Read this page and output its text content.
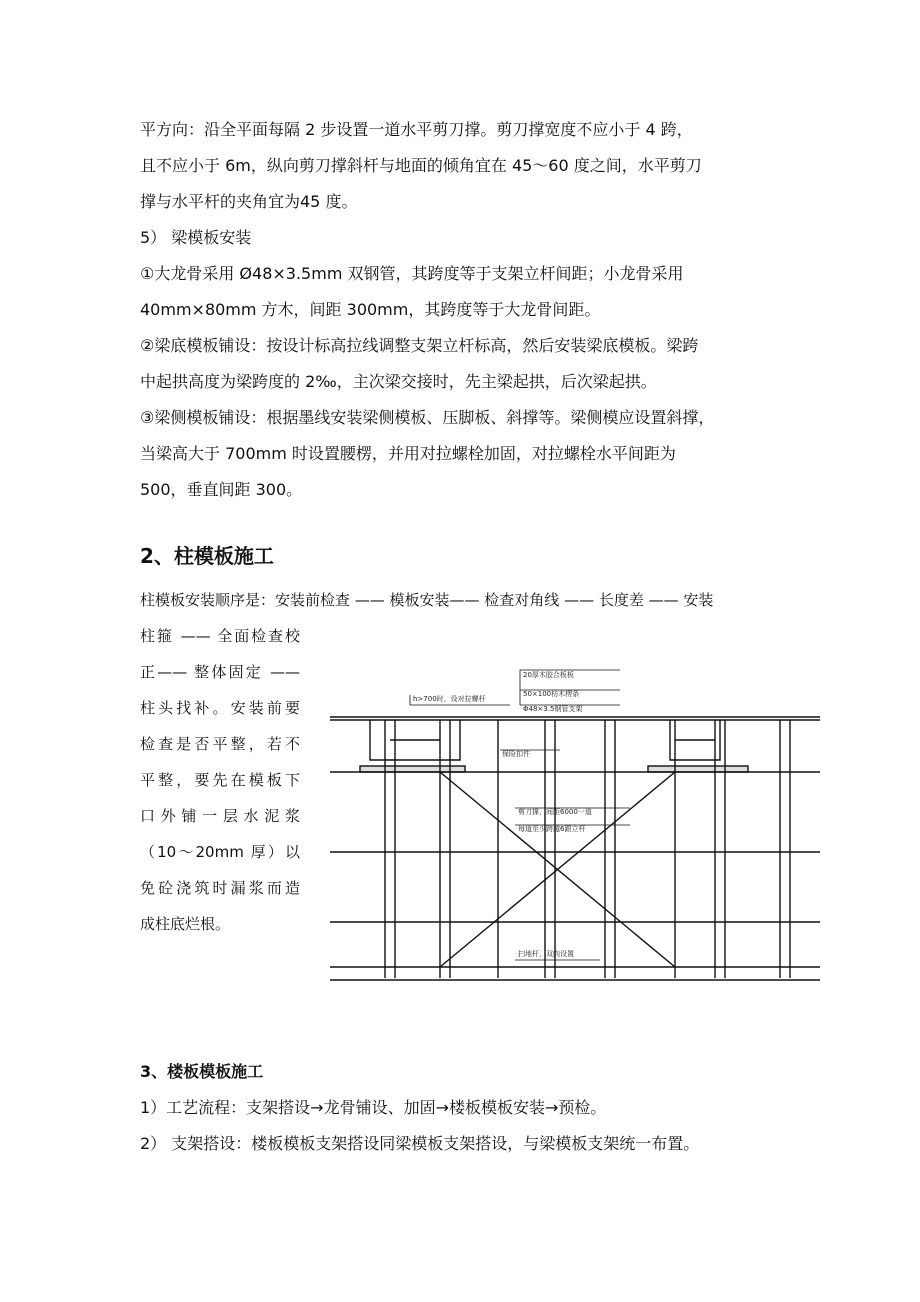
平方向：沿全平面每隔 2 步设置一道水平剪刀撑。剪刀撑宽度不应小于 4 跨，

且不应小于 6m，纵向剪刀撑斜杆与地面的倾角宜在 45～60 度之间，水平剪刀

撑与水平杆的夹角宜为45 度。

5） 梁模板安装

①大龙骨采用 Ø48×3.5mm 双钢管，其跨度等于支架立杆间距；小龙骨采用

40mm×80mm 方木，间距 300mm，其跨度等于大龙骨间距。

②梁底模板铺设：按设计标高拉线调整支架立杆标高，然后安装梁底模板。梁跨

中起拱高度为梁跨度的 2‰，主次梁交接时，先主梁起拱，后次梁起拱。

③梁侧模板铺设：根据墨线安装梁侧模板、压脚板、斜撑等。梁侧模应设置斜撑，

当梁高大于 700mm 时设置腰楞，并用对拉螺栓加固，对拉螺栓水平间距为

500，垂直间距 300。

2、柱模板施工

柱模板安装顺序是：安装前检查 —— 模板安装—— 检查对角线 —— 长度差 —— 安装

柱箍 —— 全面检查校

正—— 整体固定 ——

柱头找补。安装前要

检查是否平整，若不

平整，要先在模板下

口外铺一层水泥浆

（10～20mm 厚）以

免砼浇筑时漏浆而造

成柱底烂根。

20厚木胶合板板
50×100枋木楞条
Φ48×3.5钢管支架
h>700时，设对拉螺杆
保险扣件
剪刀撑，间距6000一道
每道至少跨越6跟立杆
扫地杆，双向设置
3、楼板模板施工

1）工艺流程：支架搭设→龙骨铺设、加固→楼板模板安装→预检。

2） 支架搭设：楼板模板支架搭设同梁模板支架搭设，与梁模板支架统一布置。
